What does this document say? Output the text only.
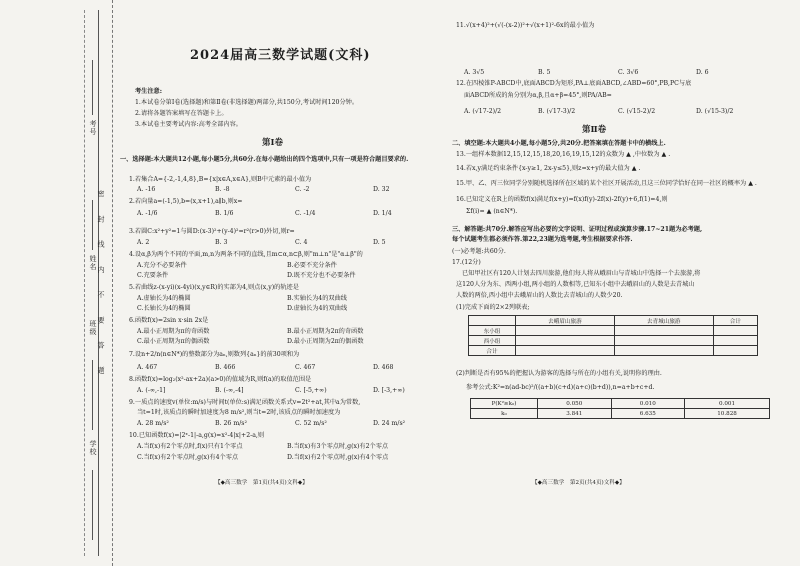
考号
姓名 密 封 线 内 不 要 答 题
班级
学校
2024届高三数学试题(文科)
考生注意:
1.本试卷分第Ⅰ卷(选择题)和第Ⅱ卷(非选择题)两部分,共150分,考试时间120分钟。
2.请将各题答案填写在答题卡上。
3.本试卷主要考试内容:高考全部内容。
第Ⅰ卷
一、选择题:本大题共12小题,每小题5分,共60分.在每小题给出的四个选项中,只有一项是符合题目要求的.
1.若集合A={-2,-1,4,8},B={x|x∈A,x∈A},则B中元素的最小值为
A. -16	B. -8	C. -2	D. 32
2.若向量a=(-1,5),b=(x,x+1),a∥b,则x=
A. -1/6	B. 1/6	C. -1/4	D. 1/4
3.若圆C:x²+y²=1与圆D:(x-3)²+(y-4)²=r²(r>0)外切,则r=
A. 2	B. 3	C. 4	D. 5
4.设α,β为两个不同的平面,m,n为两条不同的直线,且m⊂α,n⊂β,则"m⊥n"是"α⊥β"的
A.充分不必要条件	B.必要不充分条件
C.充要条件	D.既不充分也不必要条件
5.若曲线z-(x-yi)(x-4yi)(x,y∈R)的实部为4,则点(x,y)的轨迹是
A.虚轴长为4的椭圆	B.实轴长为4的双曲线
C.长轴长为4的椭圆	D.虚轴长为4的双曲线
6.函数f(x)=2sin x·sin 2x是
A.最小正周期为π的奇函数	B.最小正周期为2π的奇函数
C.最小正周期为π的偶函数	D.最小正周期为2π的偶函数
7.设n+2/n(n∈N*)的整数部分为aₙ,则数列{aₙ}的前30项和为
A. 467	B. 466	C. 467	D. 468
8.函数f(x)=log₂(x²-ax+2a)(a>0)的值域为R,则f(a)的取值范围是
A. (-∞,-1]	B. (-∞,-4]	C. [-5,+∞)	D. [-3,+∞)
9.一质点的速度v(单位:m/s)与时间t(单位:s)满足函数关系式v=2t²+at,其中a为常数,
当t=1时,该质点的瞬时加速度为8 m/s²,则当t=2时,该质点的瞬时加速度为
A. 28 m/s²	B. 26 m/s²	C. 52 m/s²	D. 24 m/s²
10.已知函数f(x)=|2ˣ-1|-a,g(x)=x²-4|x|+2-a,则
A.当f(x)有2个零点时,f(x)只有1个零点	B.当f(x)有3个零点时,g(x)有2个零点
C.当f(x)有2个零点时,g(x)有4个零点	D.当f(x)有2个零点时,g(x)有4个零点
【◆高三数学　第1页(共4页)文科◆】
11.√(x+4)²+(√(-(x-2))²+√(x+1)²-6x的最小值为
A. 3√5	B. 5	C. 3√6	D. 6
12.在四棱锥P-ABCD中,底面ABCD为矩形,PA⊥底面ABCD,∠ABD=60°,PB,PC与底
面ABCD所成的角分别为α,β,且α+β=45°,则PA/AB=
A. (√17-2)/2	B. (√17-3)/2	C. (√15-2)/2	D. (√15-3)/2
第Ⅱ卷
二、填空题:本大题共4小题,每小题5分,共20分.把答案填在答题卡中的横线上.
13.一组样本数据12,15,12,15,18,20,16,19,15,12的众数为 ▲ ,中位数为 ▲ .
14.若x,y满足约束条件{x-y≥1, 2x-y≤5},则z=x+y的最大值为 ▲ .
15.甲、乙、丙三位同学分别随机选择所在区域的某个社区开展活动,且这三位同学恰好在同一社区的概率为 ▲ .
16.已知定义在R上的函数f(x)满足f(x+y)=f(x)f(y)-2f(x)-2f(y)+6,f(1)=4,则
Σf(i)= ▲ (n∈N*).
三、解答题:共70分.解答应写出必要的文字说明、证明过程或演算步骤.17~21题为必考题,
每个试题考生都必须作答.第22,23题为选考题,考生根据要求作答.
(一)必考题:共60分.
17.(12分)
已知甲社区有120人计划去四川旅游,他们每人将从峨眉山与青城山中选择一个去旅游,将
这120人分为东、西两小组,两小组的人数相等,已知东小组中去峨眉山的人数是去青城山
人数的两倍,西小组中去峨眉山的人数比去青城山的人数少20.
(1)完成下面的2×2列联表;
	去峨眉山旅游	去青城山旅游	合计
东小组			
西小组			
合计			
(2)判断是否有95%的把握认为游客的选择与所在的小组有关,说明你的理由.
参考公式:K²=n(ad-bc)²/((a+b)(c+d)(a+c)(b+d)),n=a+b+c+d.
P(K²≥k₀)	0.050	0.010	0.001
k₀	3.841	6.635	10.828
【◆高三数学　第2页(共4页)文科◆】
